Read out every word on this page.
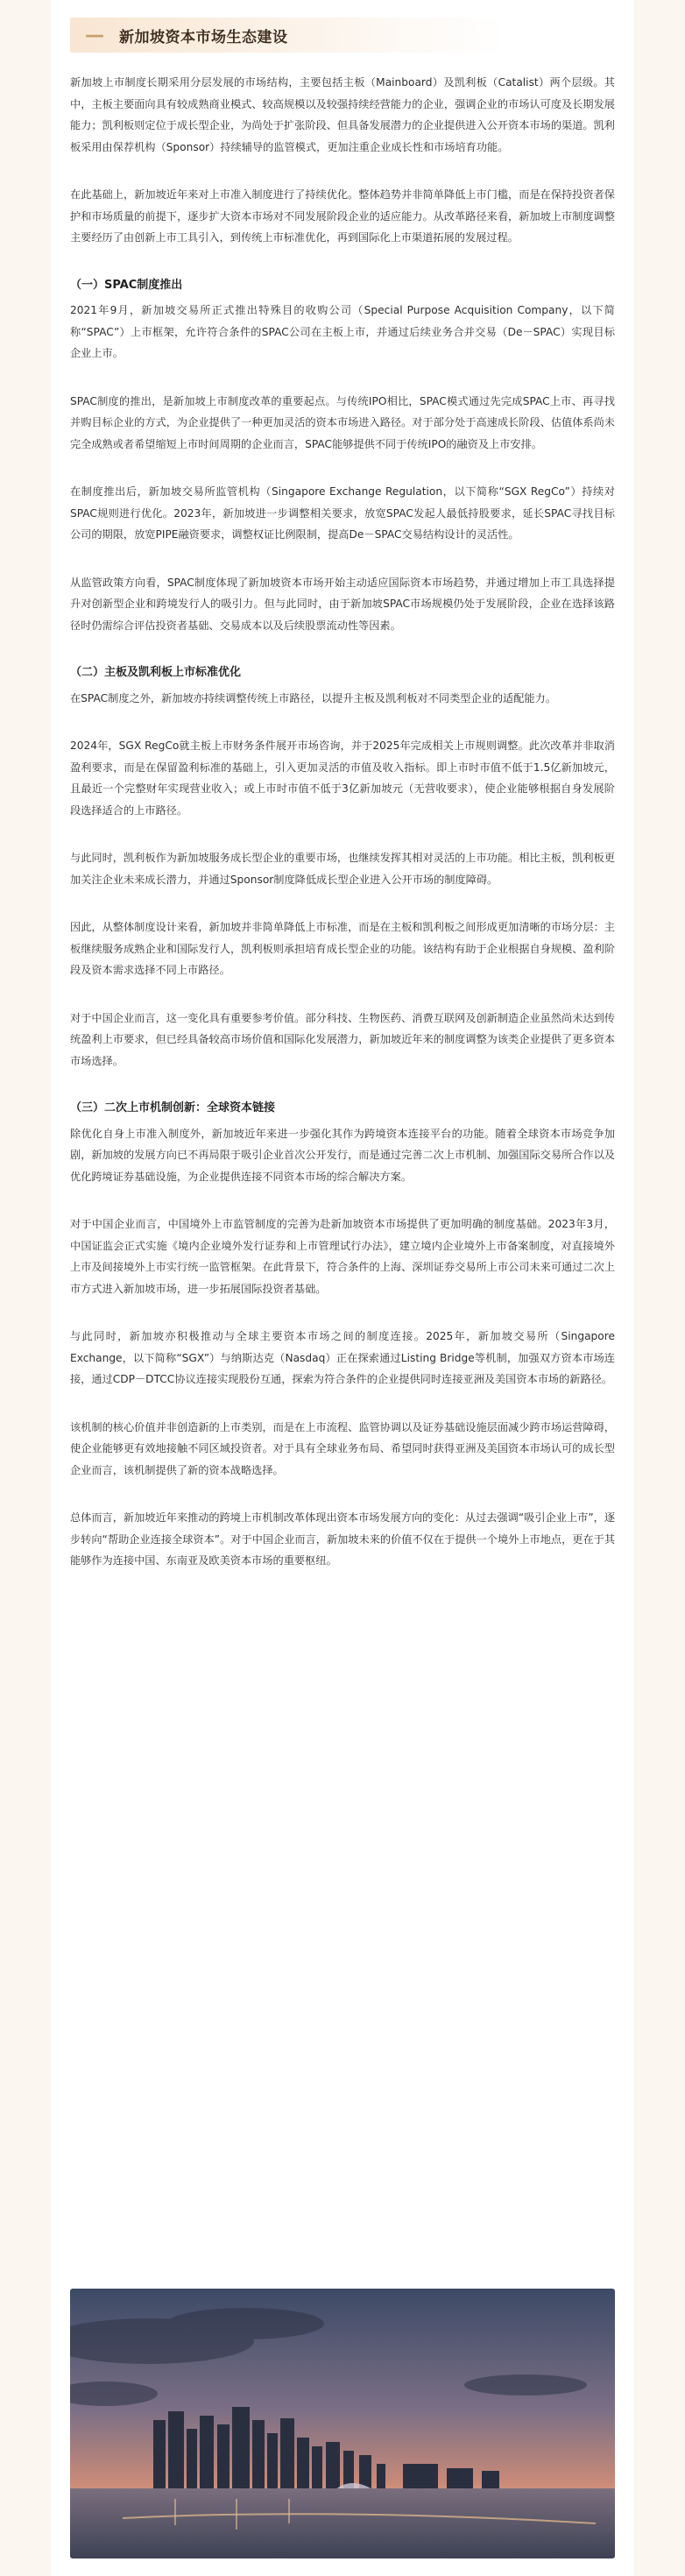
—	新加坡资本市场生态建设

新加坡上市制度长期采用分层发展的市场结构，主要包括主板（Mainboard）及凯利板（Catalist）两个层级。其中，主板主要面向具有较成熟商业模式、较高规模以及较强持续经营能力的企业，强调企业的市场认可度及长期发展能力；凯利板则定位于成长型企业，为尚处于扩张阶段、但具备发展潜力的企业提供进入公开资本市场的渠道。凯利板采用由保荐机构（Sponsor）持续辅导的监管模式，更加注重企业成长性和市场培育功能。

在此基础上，新加坡近年来对上市准入制度进行了持续优化。整体趋势并非简单降低上市门槛，而是在保持投资者保护和市场质量的前提下，逐步扩大资本市场对不同发展阶段企业的适应能力。从改革路径来看，新加坡上市制度调整主要经历了由创新上市工具引入，到传统上市标准优化，再到国际化上市渠道拓展的发展过程。

（一）SPAC制度推出

2021年9月，新加坡交易所正式推出特殊目的收购公司（Special Purpose Acquisition Company，以下简称“SPAC”）上市框架，允许符合条件的SPAC公司在主板上市，并通过后续业务合并交易（De－SPAC）实现目标企业上市。

SPAC制度的推出，是新加坡上市制度改革的重要起点。与传统IPO相比，SPAC模式通过先完成SPAC上市、再寻找并购目标企业的方式，为企业提供了一种更加灵活的资本市场进入路径。对于部分处于高速成长阶段、估值体系尚未完全成熟或者希望缩短上市时间周期的企业而言，SPAC能够提供不同于传统IPO的融资及上市安排。

在制度推出后，新加坡交易所监管机构（Singapore Exchange Regulation，以下简称“SGX RegCo”）持续对SPAC规则进行优化。2023年，新加坡进一步调整相关要求，放宽SPAC发起人最低持股要求，延长SPAC寻找目标公司的期限，放宽PIPE融资要求，调整权证比例限制，提高De－SPAC交易结构设计的灵活性。

从监管政策方向看，SPAC制度体现了新加坡资本市场开始主动适应国际资本市场趋势，并通过增加上市工具选择提升对创新型企业和跨境发行人的吸引力。但与此同时，由于新加坡SPAC市场规模仍处于发展阶段，企业在选择该路径时仍需综合评估投资者基础、交易成本以及后续股票流动性等因素。

（二）主板及凯利板上市标准优化

在SPAC制度之外，新加坡亦持续调整传统上市路径，以提升主板及凯利板对不同类型企业的适配能力。

2024年，SGX RegCo就主板上市财务条件展开市场咨询，并于2025年完成相关上市规则调整。此次改革并非取消盈利要求，而是在保留盈利标准的基础上，引入更加灵活的市值及收入指标。即上市时市值不低于1.5亿新加坡元，且最近一个完整财年实现营业收入；或上市时市值不低于3亿新加坡元（无营收要求），使企业能够根据自身发展阶段选择适合的上市路径。

与此同时，凯利板作为新加坡服务成长型企业的重要市场，也继续发挥其相对灵活的上市功能。相比主板，凯利板更加关注企业未来成长潜力，并通过Sponsor制度降低成长型企业进入公开市场的制度障碍。

因此，从整体制度设计来看，新加坡并非简单降低上市标准，而是在主板和凯利板之间形成更加清晰的市场分层：主板继续服务成熟企业和国际发行人，凯利板则承担培育成长型企业的功能。该结构有助于企业根据自身规模、盈利阶段及资本需求选择不同上市路径。

对于中国企业而言，这一变化具有重要参考价值。部分科技、生物医药、消费互联网及创新制造企业虽然尚未达到传统盈利上市要求，但已经具备较高市场价值和国际化发展潜力，新加坡近年来的制度调整为该类企业提供了更多资本市场选择。

（三）二次上市机制创新：全球资本链接

除优化自身上市准入制度外，新加坡近年来进一步强化其作为跨境资本连接平台的功能。随着全球资本市场竞争加剧，新加坡的发展方向已不再局限于吸引企业首次公开发行，而是通过完善二次上市机制、加强国际交易所合作以及优化跨境证券基础设施，为企业提供连接不同资本市场的综合解决方案。

对于中国企业而言，中国境外上市监管制度的完善为赴新加坡资本市场提供了更加明确的制度基础。2023年3月，中国证监会正式实施《境内企业境外发行证券和上市管理试行办法》，建立境内企业境外上市备案制度，对直接境外上市及间接境外上市实行统一监管框架。在此背景下，符合条件的上海、深圳证券交易所上市公司未来可通过二次上市方式进入新加坡市场，进一步拓展国际投资者基础。

与此同时，新加坡亦积极推动与全球主要资本市场之间的制度连接。2025年，新加坡交易所（Singapore Exchange，以下简称“SGX”）与纳斯达克（Nasdaq）正在探索通过Listing Bridge等机制，加强双方资本市场连接，通过CDP－DTCC协议连接实现股份互通，探索为符合条件的企业提供同时连接亚洲及美国资本市场的新路径。

该机制的核心价值并非创造新的上市类别，而是在上市流程、监管协调以及证券基础设施层面减少跨市场运营障碍，使企业能够更有效地接触不同区域投资者。对于具有全球业务布局、希望同时获得亚洲及美国资本市场认可的成长型企业而言，该机制提供了新的资本战略选择。

总体而言，新加坡近年来推动的跨境上市机制改革体现出资本市场发展方向的变化：从过去强调“吸引企业上市”，逐步转向“帮助企业连接全球资本”。对于中国企业而言，新加坡未来的价值不仅在于提供一个境外上市地点，更在于其能够作为连接中国、东南亚及欧美资本市场的重要枢纽。
